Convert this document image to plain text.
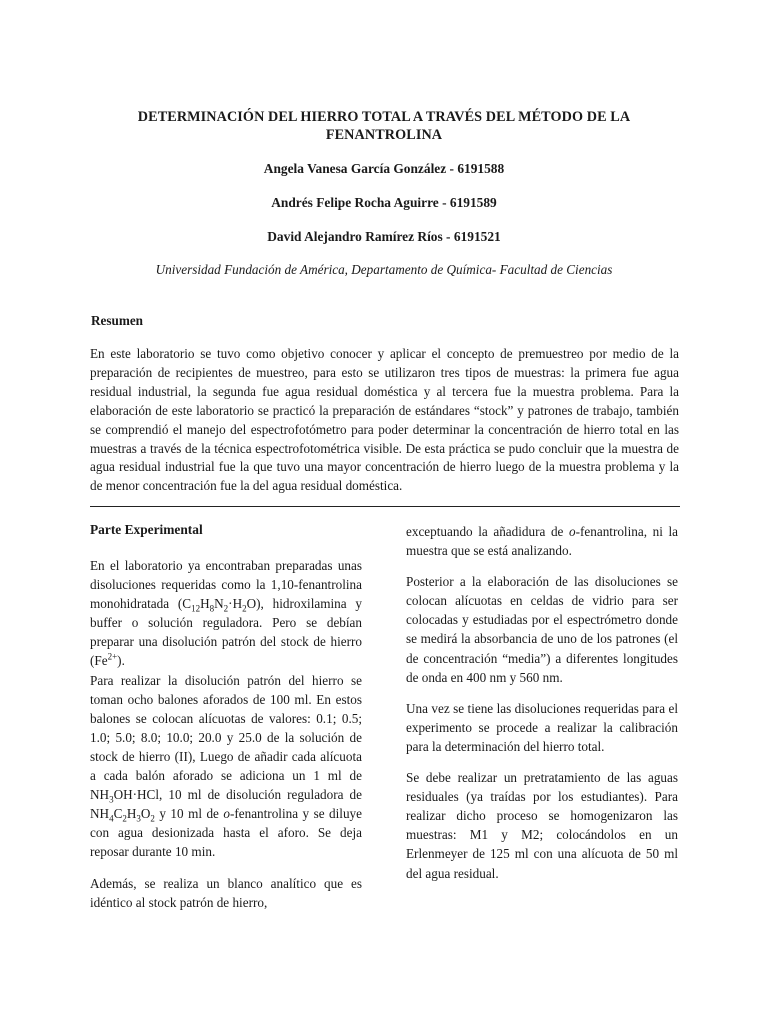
DETERMINACIÓN DEL HIERRO TOTAL A TRAVÉS DEL MÉTODO DE LA
FENANTROLINA
Angela Vanesa García González - 6191588
Andrés Felipe Rocha Aguirre - 6191589
David Alejandro Ramírez Ríos - 6191521
Universidad Fundación de América, Departamento de Química- Facultad de Ciencias
Resumen
En este laboratorio se tuvo como objetivo conocer y aplicar el concepto de premuestreo por medio de la preparación de recipientes de muestreo, para esto se utilizaron tres tipos de muestras: la primera fue agua residual industrial, la segunda fue agua residual doméstica y al tercera fue la muestra problema. Para la elaboración de este laboratorio se practicó la preparación de estándares “stock” y patrones de trabajo, también se comprendió el manejo del espectrofotómetro para poder determinar la concentración de hierro total en las muestras a través de la técnica espectrofotométrica visible. De esta práctica se pudo concluir que la muestra de agua residual industrial fue la que tuvo una mayor concentración de hierro luego de la muestra problema y la de menor concentración fue la del agua residual doméstica.
Parte Experimental
En el laboratorio ya encontraban preparadas unas disoluciones requeridas como la 1,10-fenantrolina monohidratada $(C_{12}H_8N_2\cdot H_2O)$, hidroxilamina y buffer o solución reguladora. Pero se debían preparar una disolución patrón del stock de hierro $(Fe^{2+})$.
Para realizar la disolución patrón del hierro se toman ocho balones aforados de 100 ml. En estos balones se colocan alícuotas de valores: 0.1; 0.5; 1.0; 5.0; 8.0; 10.0; 20.0 y 25.0 de la solución de stock de hierro (II), Luego de añadir cada alícuota a cada balón aforado se adiciona un 1 ml de $NH_3OH\cdot HCl$, 10 ml de disolución reguladora de $NH_4C_2H_3O_2$ y 10 ml de o-fenantrolina y se diluye con agua desionizada hasta el aforo. Se deja reposar durante 10 min.
Además, se realiza un blanco analítico que es idéntico al stock patrón de hierro,
exceptuando la añadidura de o-fenantrolina, ni la muestra que se está analizando.
Posterior a la elaboración de las disoluciones se colocan alícuotas en celdas de vidrio para ser colocadas y estudiadas por el espectrómetro donde se medirá la absorbancia de uno de los patrones (el de concentración “media”) a diferentes longitudes de onda en 400 nm y 560 nm.
Una vez se tiene las disoluciones requeridas para el experimento se procede a realizar la calibración para la determinación del hierro total.
Se debe realizar un pretratamiento de las aguas residuales (ya traídas por los estudiantes). Para realizar dicho proceso se homogenizaron las muestras: M1 y M2; colocándolos en un Erlenmeyer de 125 ml con una alícuota de 50 ml del agua residual.
